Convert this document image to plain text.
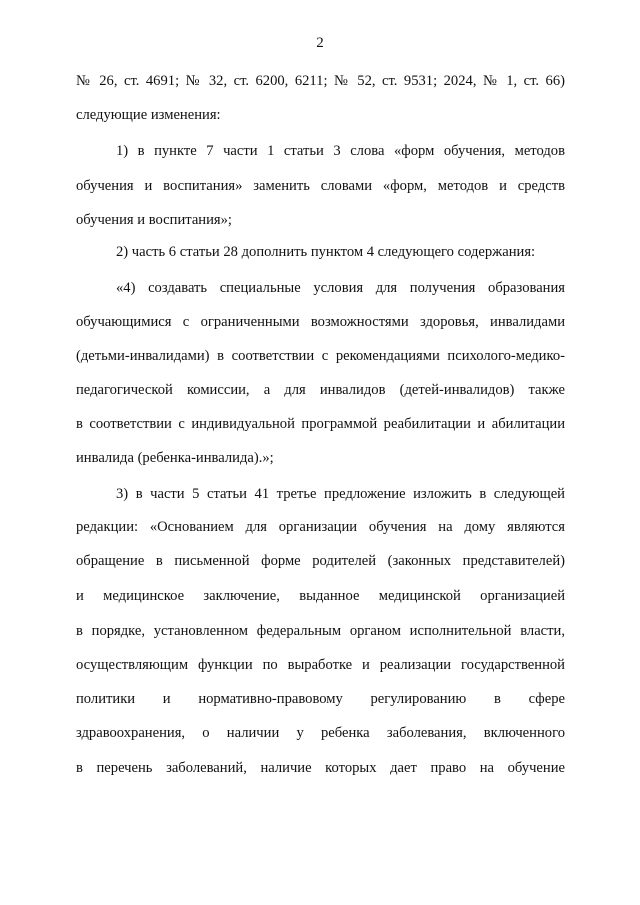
2
№ 26, ст. 4691; № 32, ст. 6200, 6211; № 52, ст. 9531; 2024, № 1, ст. 66)
следующие изменения:
1) в пункте 7 части 1 статьи 3 слова «форм обучения, методов
обучения и воспитания» заменить словами «форм, методов и средств
обучения и воспитания»;
2) часть 6 статьи 28 дополнить пунктом 4 следующего содержания:
«4) создавать специальные условия для получения образования
обучающимися с ограниченными возможностями здоровья, инвалидами
(детьми-инвалидами) в соответствии с рекомендациями психолого-медико-
педагогической комиссии, а для инвалидов (детей-инвалидов) также
в соответствии с индивидуальной программой реабилитации и абилитации
инвалида (ребенка-инвалида).»;
3) в части 5 статьи 41 третье предложение изложить в следующей
редакции: «Основанием для организации обучения на дому являются
обращение в письменной форме родителей (законных представителей)
и медицинское заключение, выданное медицинской организацией
в порядке, установленном федеральным органом исполнительной власти,
осуществляющим функции по выработке и реализации государственной
политики и нормативно-правовому регулированию в сфере
здравоохранения, о наличии у ребенка заболевания, включенного
в перечень заболеваний, наличие которых дает право на обучение
